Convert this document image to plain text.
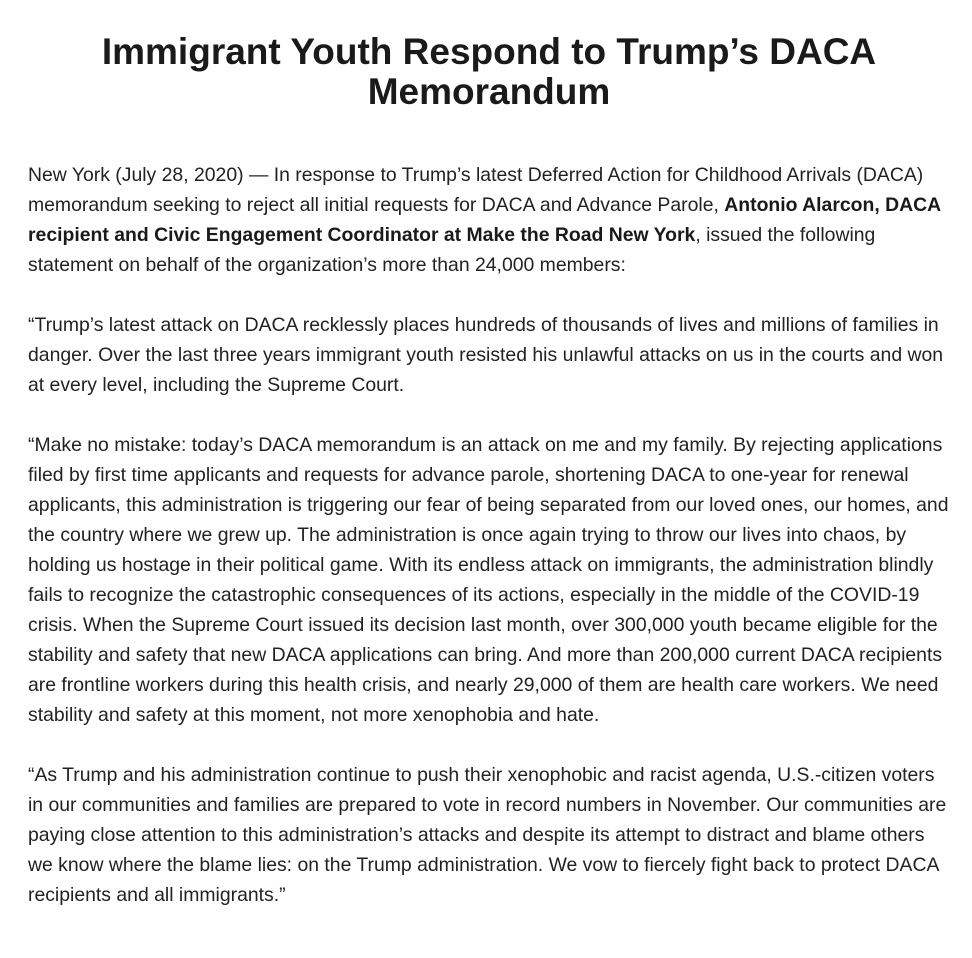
Immigrant Youth Respond to Trump’s DACA Memorandum

New York (July 28, 2020) — In response to Trump’s latest Deferred Action for Childhood Arrivals (DACA) memorandum seeking to reject all initial requests for DACA and Advance Parole, Antonio Alarcon, DACA recipient and Civic Engagement Coordinator at Make the Road New York, issued the following statement on behalf of the organization’s more than 24,000 members:

“Trump’s latest attack on DACA recklessly places hundreds of thousands of lives and millions of families in danger. Over the last three years immigrant youth resisted his unlawful attacks on us in the courts and won at every level, including the Supreme Court.

“Make no mistake: today’s DACA memorandum is an attack on me and my family. By rejecting applications filed by first time applicants and requests for advance parole, shortening DACA to one-year for renewal applicants, this administration is triggering our fear of being separated from our loved ones, our homes, and the country where we grew up. The administration is once again trying to throw our lives into chaos, by holding us hostage in their political game. With its endless attack on immigrants, the administration blindly fails to recognize the catastrophic consequences of its actions, especially in the middle of the COVID-19 crisis. When the Supreme Court issued its decision last month, over 300,000 youth became eligible for the stability and safety that new DACA applications can bring. And more than 200,000 current DACA recipients are frontline workers during this health crisis, and nearly 29,000 of them are health care workers. We need stability and safety at this moment, not more xenophobia and hate.

“As Trump and his administration continue to push their xenophobic and racist agenda, U.S.-citizen voters in our communities and families are prepared to vote in record numbers in November. Our communities are paying close attention to this administration’s attacks and despite its attempt to distract and blame others we know where the blame lies: on the Trump administration. We vow to fiercely fight back to protect DACA recipients and all immigrants.”
